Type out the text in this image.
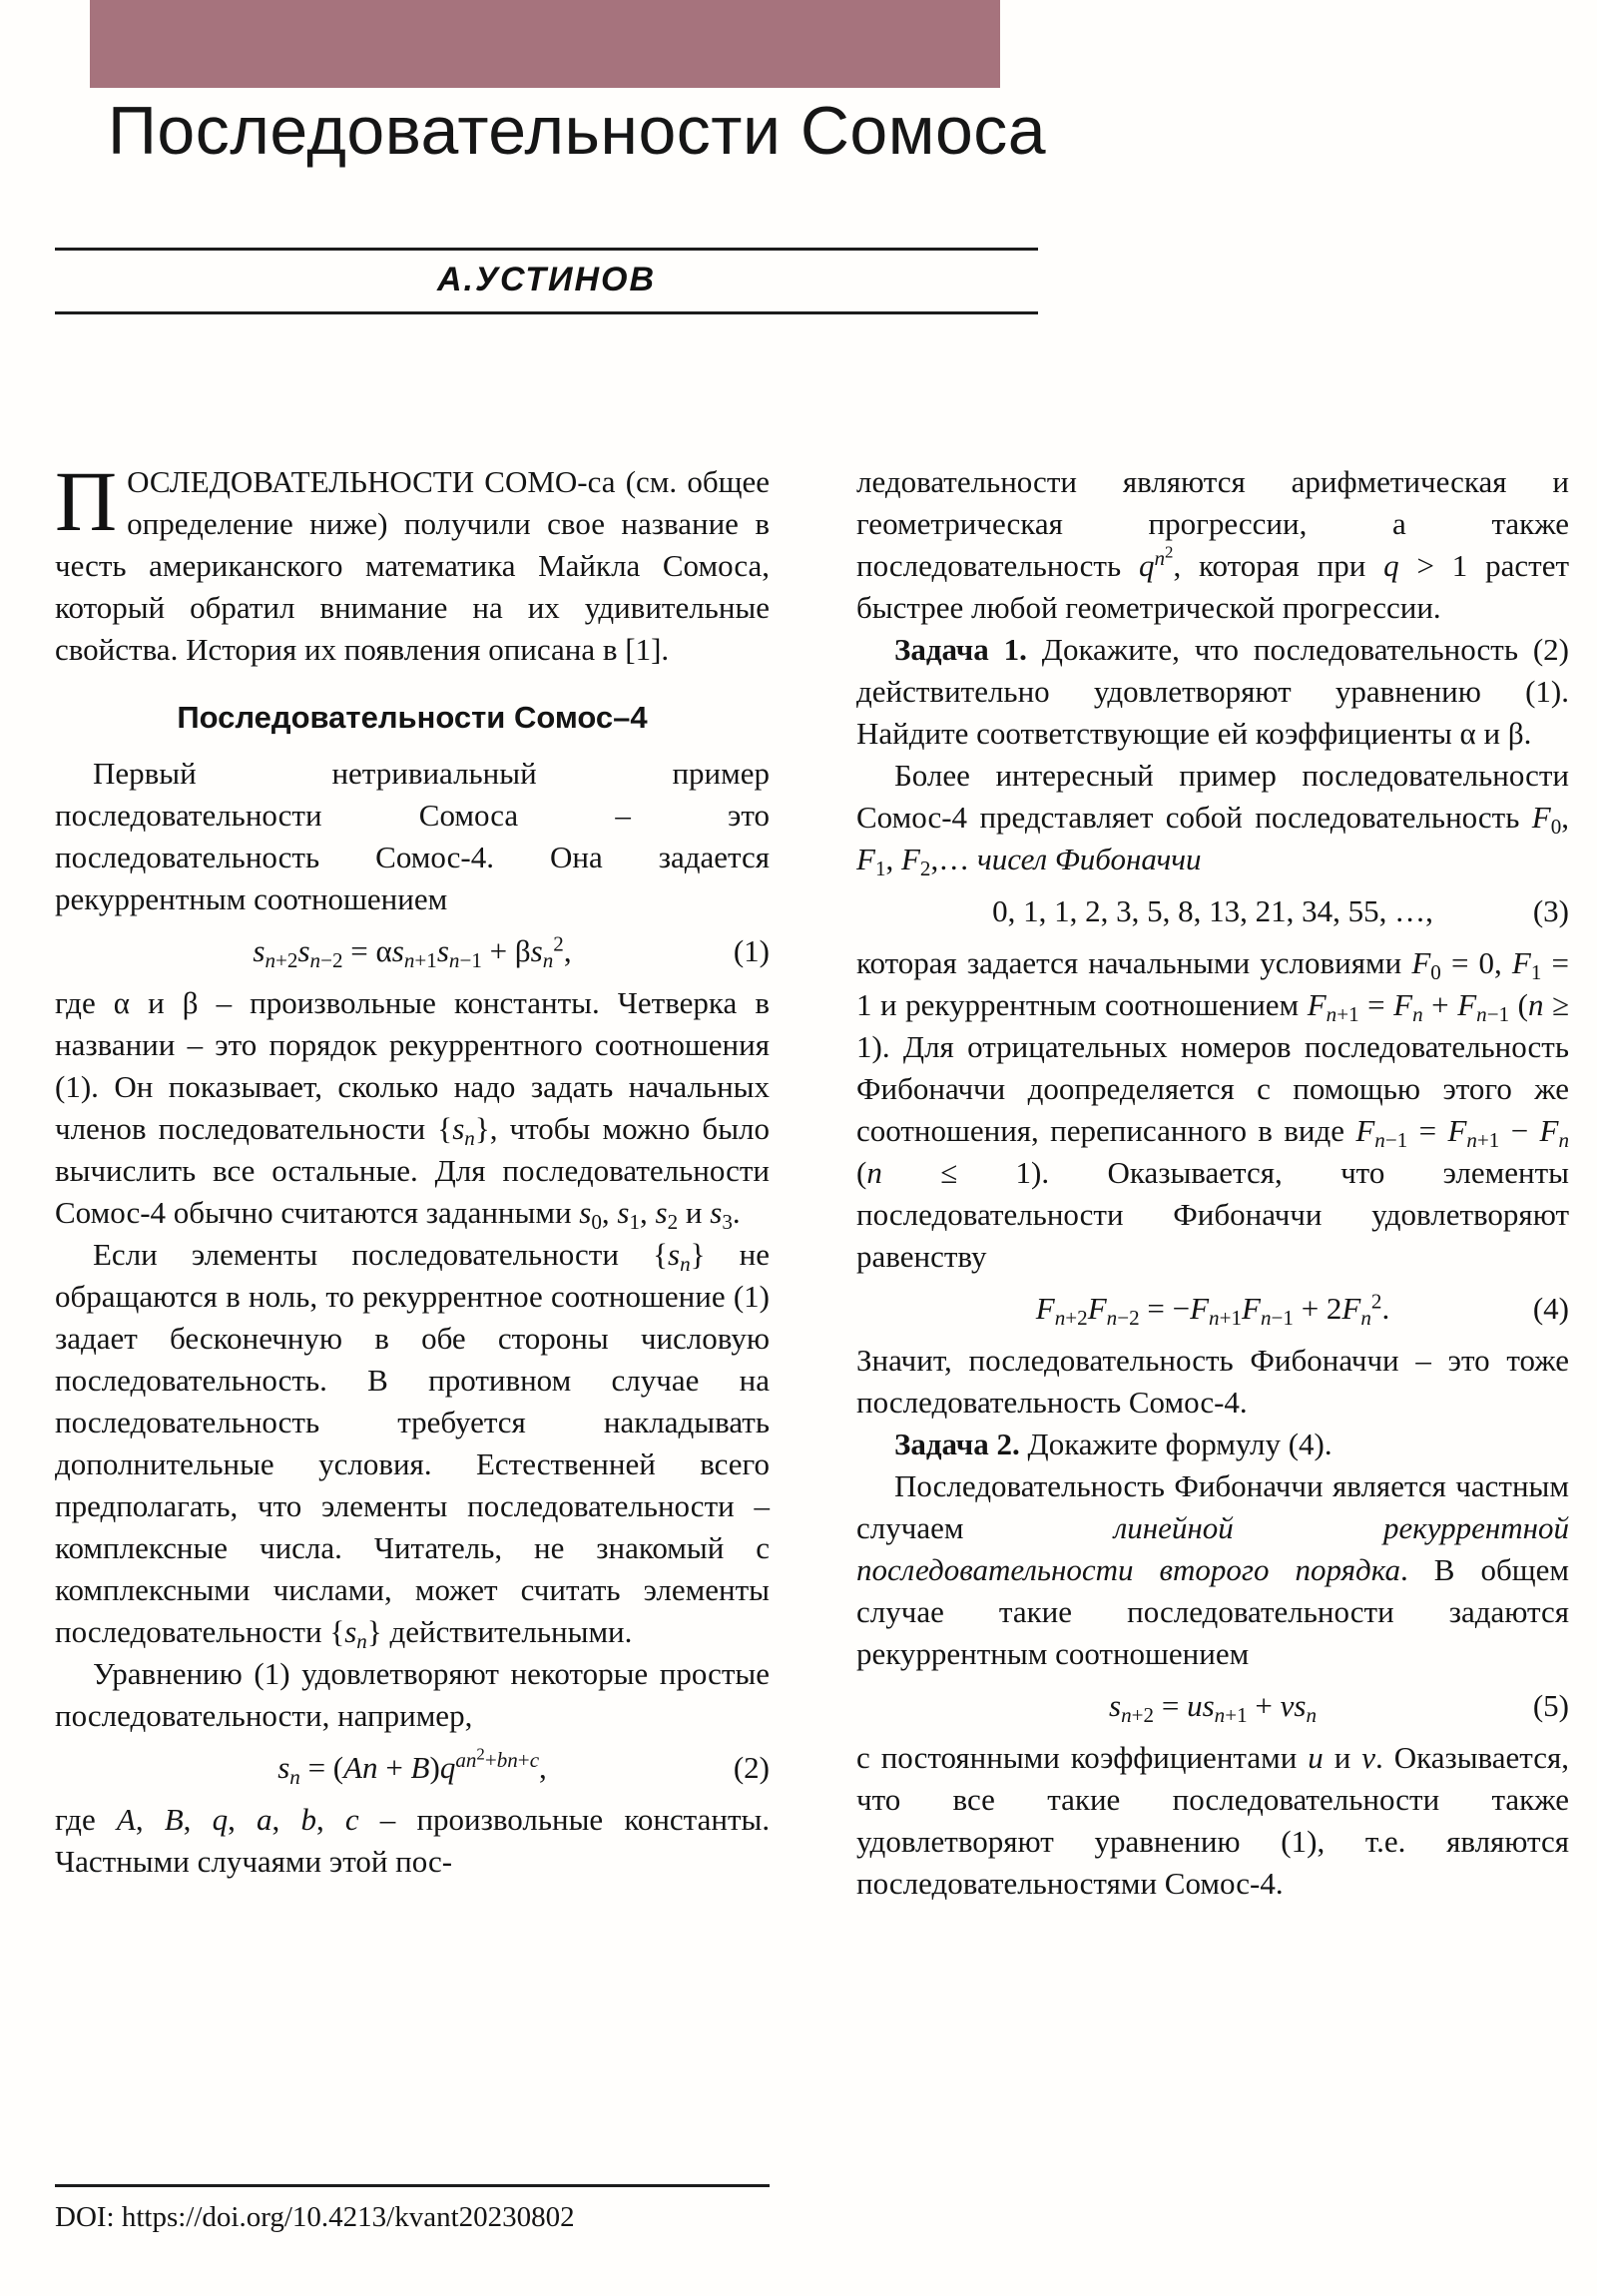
Последовательности Сомоса
А.УСТИНОВ

ПОСЛЕДОВАТЕЛЬНОСТИ СОМО-са (см. общее определение ниже) получили свое название в честь американского математика Майкла Сомоса, который обратил внимание на их удивительные свойства. История их появления описана в [1].

Последовательности Сомос–4

Первый нетривиальный пример последовательности Сомоса – это последовательность Сомос-4. Она задается рекуррентным соотношением

$s_{n+2}s_{n-2} = \alpha s_{n+1}s_{n-1} + \beta s_n^2$,	(1)

где α и β – произвольные константы. Четверка в названии – это порядок рекуррентного соотношения (1). Он показывает, сколько надо задать начальных членов последовательности $\{s_n\}$, чтобы можно было вычислить все остальные. Для последовательности Сомос-4 обычно считаются заданными $s_0$, $s_1$, $s_2$ и $s_3$.

Если элементы последовательности $\{s_n\}$ не обращаются в ноль, то рекуррентное соотношение (1) задает бесконечную в обе стороны числовую последовательность. В противном случае на последовательность требуется накладывать дополнительные условия. Естественней всего предполагать, что элементы последовательности – комплексные числа. Читатель, не знакомый с комплексными числами, может считать элементы последовательности $\{s_n\}$ действительными.

Уравнению (1) удовлетворяют некоторые простые последовательности, например,

$s_n = (An + B)q^{an^2+bn+c}$,	(2)

где A, B, q, a, b, c – произвольные константы. Частными случаями этой пос-

ледовательности являются арифметическая и геометрическая прогрессии, а также последовательность $q^{n^2}$, которая при q > 1 растет быстрее любой геометрической прогрессии.

Задача 1. Докажите, что последовательность (2) действительно удовлетворяют уравнению (1). Найдите соответствующие ей коэффициенты α и β.

Более интересный пример последовательности Сомос-4 представляет собой последовательность $F_0$, $F_1$, $F_2,\dots$ чисел Фибоначчи

0, 1, 1, 2, 3, 5, 8, 13, 21, 34, 55, …,	(3)

которая задается начальными условиями $F_0 = 0$, $F_1 = 1$ и рекуррентным соотношением $F_{n+1} = F_n + F_{n-1}$ (n ≥ 1). Для отрицательных номеров последовательность Фибоначчи доопределяется с помощью этого же соотношения, переписанного в виде $F_{n-1} = F_{n+1} - F_n$ (n ≤ 1). Оказывается, что элементы последовательности Фибоначчи удовлетворяют равенству

$F_{n+2}F_{n-2} = -F_{n+1}F_{n-1} + 2F_n^2$.	(4)

Значит, последовательность Фибоначчи – это тоже последовательность Сомос-4.

Задача 2. Докажите формулу (4).

Последовательность Фибоначчи является частным случаем линейной рекуррентной последовательности второго порядка. В общем случае такие последовательности задаются рекуррентным соотношением

$s_{n+2} = us_{n+1} + vs_n$	(5)

с постоянными коэффициентами u и v. Оказывается, что все такие последовательности также удовлетворяют уравнению (1), т.е. являются последовательностями Сомос-4.

DOI: https://doi.org/10.4213/kvant20230802
